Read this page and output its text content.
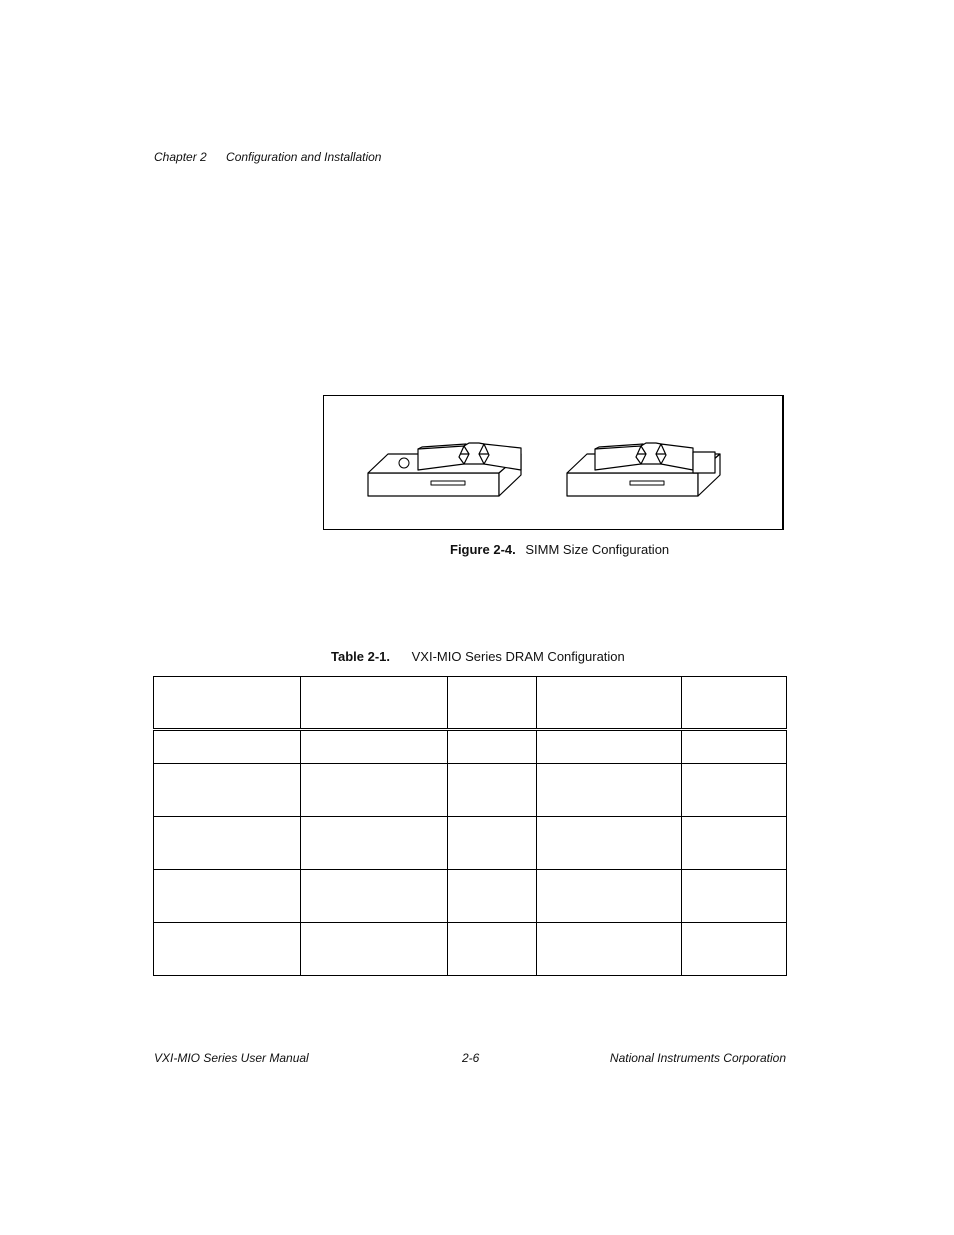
Chapter 2 Configuration and Installation
Figure 2-4. SIMM Size Configuration
Table 2-1. VXI-MIO Series DRAM Configuration

VXI-MIO Series User Manual	2-6	National Instruments Corporation
